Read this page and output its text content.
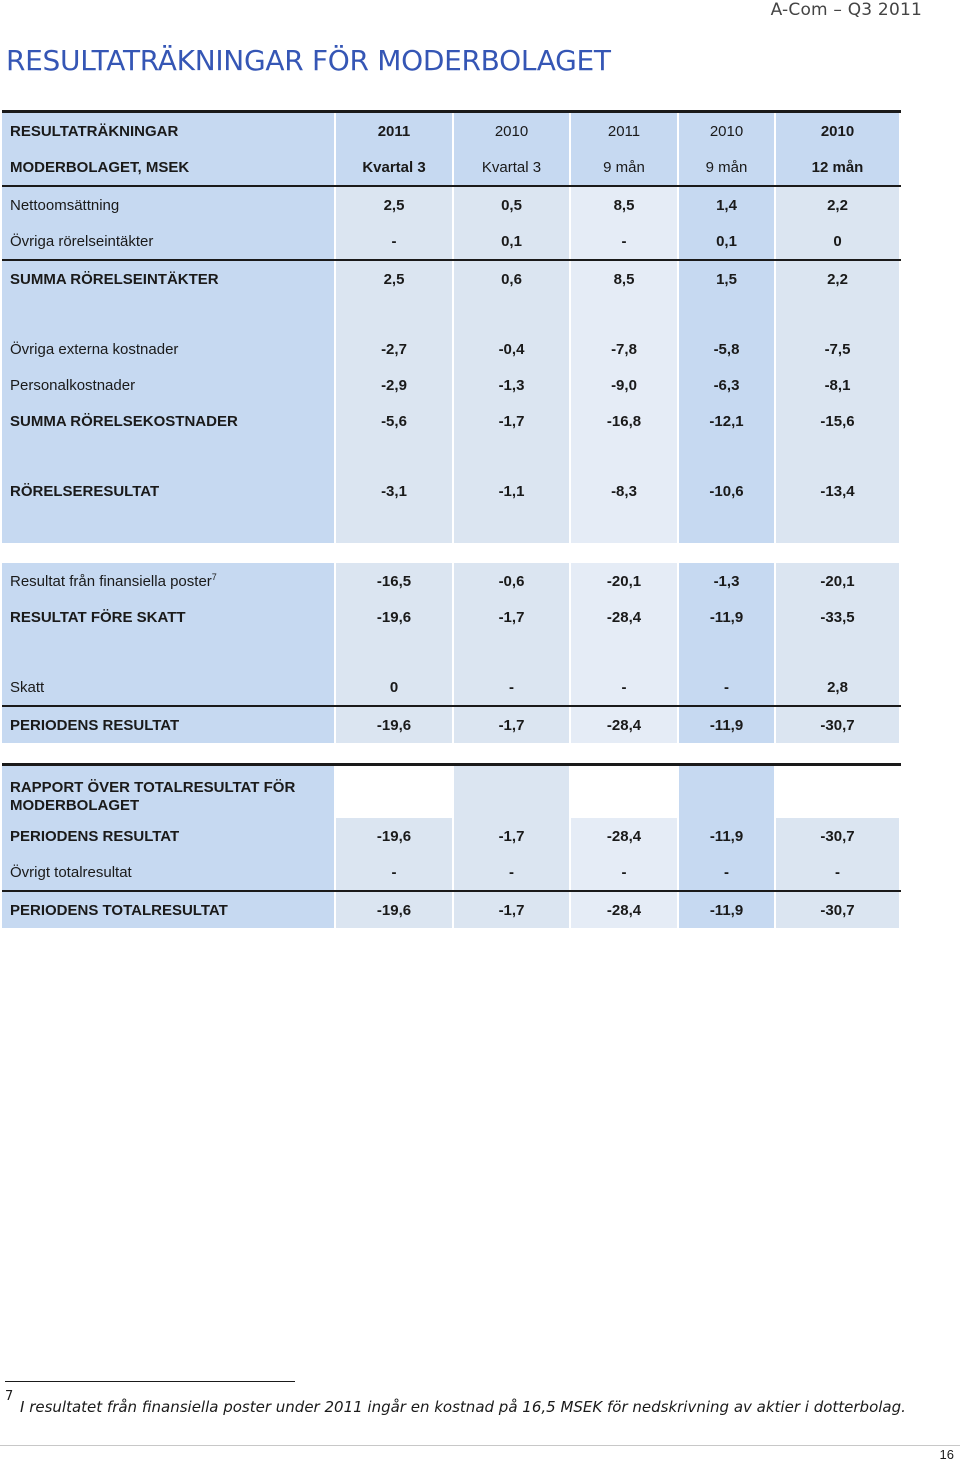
A-Com – Q3 2011
RESULTATRÄKNINGAR FÖR MODERBOLAGET
RESULTATRÄKNINGAR	2011	2010	2011	2010	2010
MODERBOLAGET, MSEK	Kvartal 3	Kvartal 3	9 mån	9 mån	12 mån
Nettoomsättning	2,5	0,5	8,5	1,4	2,2
Övriga rörelseintäkter	-	0,1	-	0,1	0
SUMMA RÖRELSEINTÄKTER	2,5	0,6	8,5	1,5	2,2

Övriga externa kostnader	-2,7	-0,4	-7,8	-5,8	-7,5
Personalkostnader	-2,9	-1,3	-9,0	-6,3	-8,1
SUMMA RÖRELSEKOSTNADER	-5,6	-1,7	-16,8	-12,1	-15,6

RÖRELSERESULTAT	-3,1	-1,1	-8,3	-10,6	-13,4

Resultat från finansiella poster$^7$	-16,5	-0,6	-20,1	-1,3	-20,1
RESULTAT FÖRE SKATT	-19,6	-1,7	-28,4	-11,9	-33,5

Skatt	0	-	-	-	2,8
PERIODENS RESULTAT	-19,6	-1,7	-28,4	-11,9	-30,7

RAPPORT ÖVER TOTALRESULTAT FÖR MODERBOLAGET					
PERIODENS RESULTAT	-19,6	-1,7	-28,4	-11,9	-30,7
Övrigt totalresultat	-	-	-	-	-
PERIODENS TOTALRESULTAT	-19,6	-1,7	-28,4	-11,9	-30,7
7
I resultatet från finansiella poster under 2011 ingår en kostnad på 16,5 MSEK för nedskrivning av aktier i dotterbolag.
16
